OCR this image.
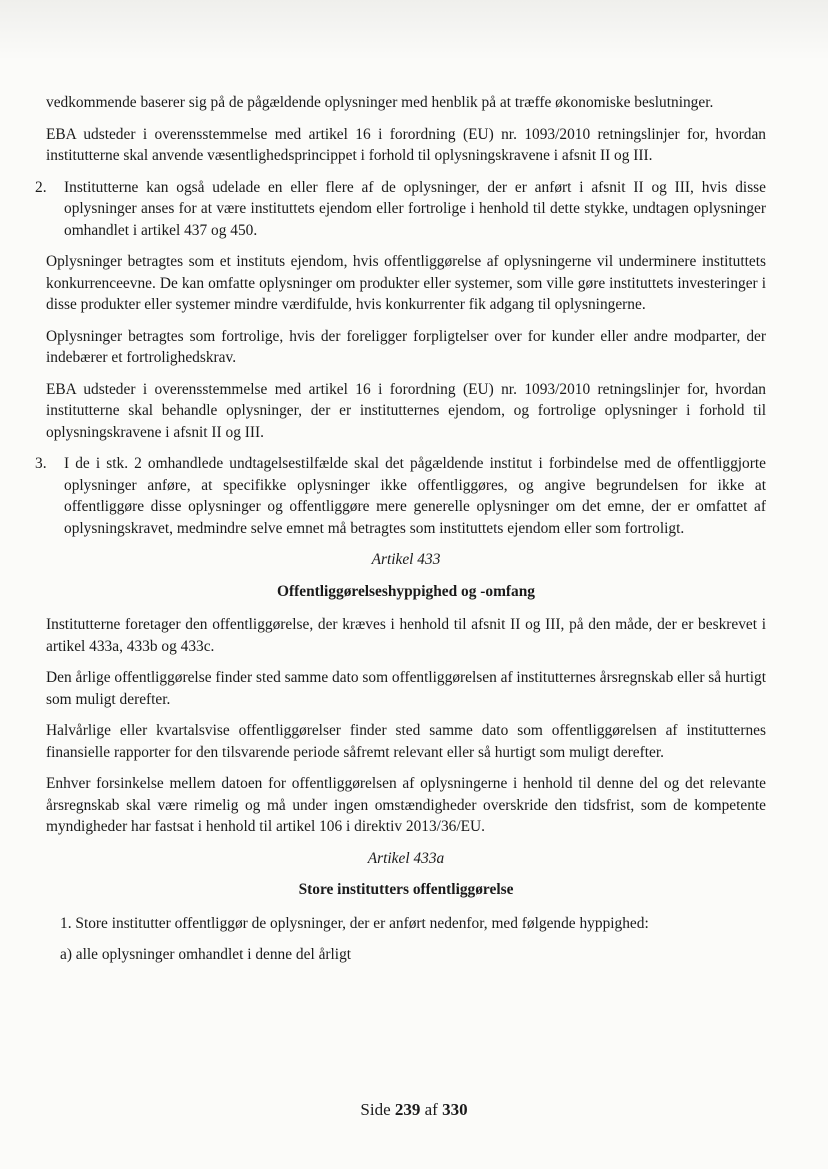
vedkommende baserer sig på de pågældende oplysninger med henblik på at træffe økonomiske beslutninger.

EBA udsteder i overensstemmelse med artikel 16 i forordning (EU) nr. 1093/2010 retningslinjer for, hvordan institutterne skal anvende væsentlighedsprincippet i forhold til oplysningskravene i afsnit II og III.

2. Institutterne kan også udelade en eller flere af de oplysninger, der er anført i afsnit II og III, hvis disse oplysninger anses for at være instituttets ejendom eller fortrolige i henhold til dette stykke, undtagen oplysninger omhandlet i artikel 437 og 450.

Oplysninger betragtes som et instituts ejendom, hvis offentliggørelse af oplysningerne vil underminere instituttets konkurrenceevne. De kan omfatte oplysninger om produkter eller systemer, som ville gøre instituttets investeringer i disse produkter eller systemer mindre værdifulde, hvis konkurrenter fik adgang til oplysningerne.

Oplysninger betragtes som fortrolige, hvis der foreligger forpligtelser over for kunder eller andre modparter, der indebærer et fortrolighedskrav.

EBA udsteder i overensstemmelse med artikel 16 i forordning (EU) nr. 1093/2010 retningslinjer for, hvordan institutterne skal behandle oplysninger, der er institutternes ejendom, og fortrolige oplysninger i forhold til oplysningskravene i afsnit II og III.

3. I de i stk. 2 omhandlede undtagelsestilfælde skal det pågældende institut i forbindelse med de offentliggjorte oplysninger anføre, at specifikke oplysninger ikke offentliggøres, og angive begrundelsen for ikke at offentliggøre disse oplysninger og offentliggøre mere generelle oplysninger om det emne, der er omfattet af oplysningskravet, medmindre selve emnet må betragtes som instituttets ejendom eller som fortroligt.

Artikel 433

Offentliggørelseshyppighed og -omfang

Institutterne foretager den offentliggørelse, der kræves i henhold til afsnit II og III, på den måde, der er beskrevet i artikel 433a, 433b og 433c.

Den årlige offentliggørelse finder sted samme dato som offentliggørelsen af institutternes årsregnskab eller så hurtigt som muligt derefter.

Halvårlige eller kvartalsvise offentliggørelser finder sted samme dato som offentliggørelsen af institutternes finansielle rapporter for den tilsvarende periode såfremt relevant eller så hurtigt som muligt derefter.

Enhver forsinkelse mellem datoen for offentliggørelsen af oplysningerne i henhold til denne del og det relevante årsregnskab skal være rimelig og må under ingen omstændigheder overskride den tidsfrist, som de kompetente myndigheder har fastsat i henhold til artikel 106 i direktiv 2013/36/EU.

Artikel 433a

Store institutters offentliggørelse

1. Store institutter offentliggør de oplysninger, der er anført nedenfor, med følgende hyppighed:

a) alle oplysninger omhandlet i denne del årligt

Side 239 af 330
